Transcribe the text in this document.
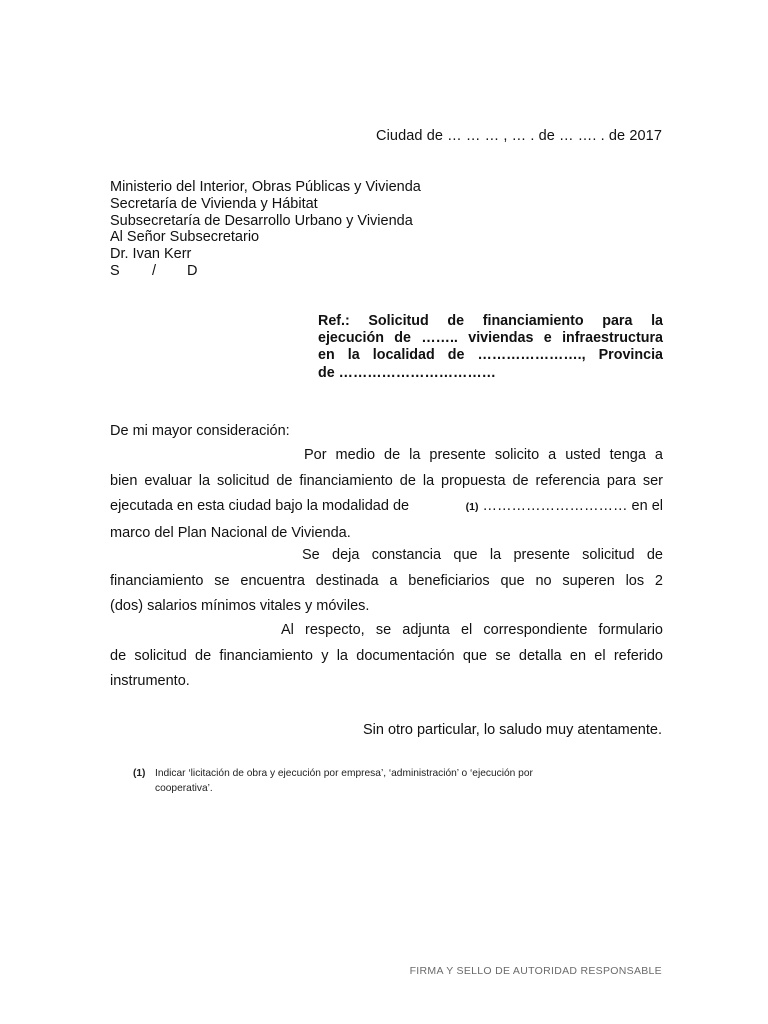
Ciudad de … … … , … . de … …. . de 2017
Ministerio del Interior, Obras Públicas y Vivienda
Secretaría de Vivienda y Hábitat
Subsecretaría de Desarrollo Urbano y Vivienda
Al Señor Subsecretario
Dr. Ivan Kerr
S / D
Ref.: Solicitud de financiamiento para la
ejecución de …….. viviendas e infraestructura
en la localidad de …………………., Provincia
de ……………………………
De mi mayor consideración:
Por medio de la presente solicito a usted tenga a
bien evaluar la solicitud de financiamiento de la propuesta de referencia para ser
ejecutada en esta ciudad bajo la modalidad de	(1) ………………………… en el
marco del Plan Nacional de Vivienda.
Se deja constancia que la presente solicitud de
financiamiento se encuentra destinada a beneficiarios que no superen los 2
(dos) salarios mínimos vitales y móviles.
Al respecto, se adjunta el correspondiente formulario
de solicitud de financiamiento y la documentación que se detalla en el referido
instrumento.
Sin otro particular, lo saludo muy atentamente.
(1) Indicar ‘licitación de obra y ejecución por empresa’, ‘administración’ o ‘ejecución por
cooperativa’.
FIRMA Y SELLO DE AUTORIDAD RESPONSABLE
